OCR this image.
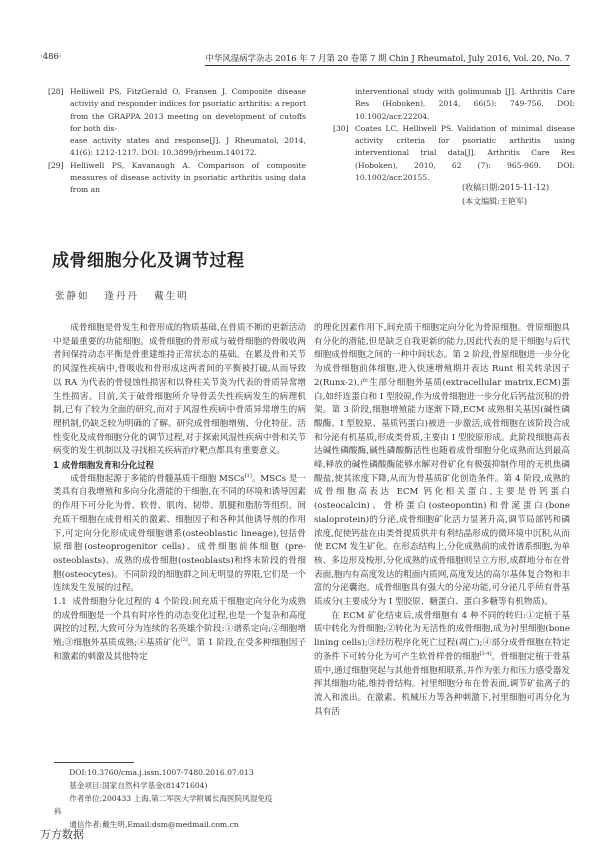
·486·	中华风湿病学杂志 2016 年 7 月第 20 卷第 7 期 Chin J Rheumatol, July 2016, Vol. 20, No. 7
[28] Helliwell PS, FitzGerald O, Fransen J. Composite disease activity and responder indices for psoriatic arthritis: a report from the GRAPPA 2013 meeting on development of cutoffs for both dis-
ease activity states and response[J]. J Rheumatol, 2014, 41(6): 1212-1217. DOI: 10.3899/jrheum.140172.
[29] Helliwell PS, Kavanaugh A. Comparison of composite measures of disease activity in psoriatic arthritis using data from an
interventional study with golimumab [J]. Arthritis Care Res (Hoboken), 2014, 66(5): 749-756. DOI: 10.1002/acr.22204.
[30] Coates LC, Helliwell PS. Validation of minimal disease activity criteria for psoriatic arthritis using interventional trial data[J]. Arthritis Care Res (Hoboken), 2010, 62 (7): 965-969. DOI: 10.1002/acr.20155.
(收稿日期:2015-11-12)
(本文编辑:王艳军)
成骨细胞分化及调节过程
张静如 逢丹丹 戴生明

成骨细胞是骨发生和骨形成的物质基础,在骨质不断的更新活动中是最重要的功能细胞。成骨细胞的骨形成与破骨细胞的骨吸收两者间保持动态平衡是骨重建维持正常状态的基础。在累及骨和关节的风湿性疾病中,骨吸收和骨形成这两者间的平衡被打破,从而导致以 RA 为代表的骨侵蚀性损害和以脊柱关节炎为代表的骨质异常增生性损害。目前,关于破骨细胞所介导骨丢失性疾病发生的病理机制,已有了较为全面的研究,而对于风湿性疾病中骨质异常增生的病理机制,仍缺乏较为明确的了解。研究成骨细胞增殖、分化特征、活性变化及成骨细胞分化的调节过程,对于探索风湿性疾病中骨和关节病变的发生机制以及寻找相关疾病治疗靶点都具有重要意义。

1 成骨细胞发育和分化过程

成骨细胞起源于多能的骨髓基质干细胞 MSCs[1]。MSCs 是一类具有自我增殖和多向分化潜能的干细胞,在不同的环境和诱导因素的作用下可分化为骨、软骨、肌肉、韧带、肌腱和脂肪等组织。间充质干细胞在成骨相关的激素、细胞因子和各种其他诱导剂的作用下,可定向分化形成成骨细胞谱系(osteoblastic lineage),包括骨原细胞(osteoprogenitor cells)、成骨细胞前体细胞 (pre-osteoblasts)、成熟的成骨细胞(osteoblasts)和终末阶段的骨细胞(osteocytes)。不同阶段的细胞群之间无明显的界限,它们是一个连续发生发展的过程。

1.1 成骨细胞分化过程的 4 个阶段:间充质干细胞定向分化为成熟的成骨细胞是一个具有时序性的动态变化过程,也是一个复杂和高度调控的过程,大致可分为连续的名英雄个阶段:①谱系定向;②细胞增殖;③细胞外基质成熟;④基质矿化[2]。第 1 阶段,在受多种细胞因子和激素的刺激及其他特定

的理化因素作用下,间充质干细胞定向分化为骨原细胞。骨原细胞具有分化的潜能,但是缺乏自我更新的能力,因此代表的是干细胞与后代细胞成骨细胞之间的一种中间状态。第 2 阶段,骨原细胞进一步分化为成骨细胞前体细胞,进入快速增殖期并表达 Runt 相关转录因子 2(Runx-2),产生部分细胞外基质(extracellular matrix,ECM)蛋白,如纤连蛋白和 Ⅰ 型胶原,作为成骨细胞进一步分化后钙盐沉积的骨架。第 3 阶段,细胞增殖能力逐渐下降,ECM 成熟相关基因(碱性磷酸酶、Ⅰ 型胶原、基质钙蛋白)被进一步激活,成骨细胞在该阶段合成和分泌有机基质,形成类骨质,主要由 Ⅰ 型胶原形成。此阶段细胞高表达碱性磷酸酶,碱性磷酸酶活性也随着成骨细胞分化成熟而达到最高峰,释放的碱性磷酸酶能够水解对骨矿化有极强抑制作用的无机焦磷酸盐,使其浓度下降,从而为骨基质矿化创造条件。第 4 阶段,成熟的成骨细胞高表达 ECM 钙化相关蛋白,主要是骨钙蛋白(osteocalcin)、骨桥蛋白(osteopontin)和骨涎蛋白(bone sialoprotein)的分泌,成骨细胞矿化活力显著升高,调节局部钙和磷浓度,促使钙盐在由类骨提质供并有利结晶形成的微环境中沉积,从而使 ECM 发生矿化。在形态结构上,分化成熟前的成骨谱系细胞,为单核、多边形及梭形,分化成熟的成骨细胞则呈立方形,成群地分布在骨表面,胞内有高度发达的粗面内质网,高度发达的高尔基体复合物和丰富的分泌囊泡。成骨细胞具有强大的分泌功能,可分泌几乎所有骨基质成分(主要成分为 Ⅰ 型胶原、糖蛋白、蛋白多糖等有机物质)。

在 ECM 矿化结束后,成骨细胞有 4 种不同的转归:①定植于基质中转化为骨细胞;②转化为无活性的成骨细胞,成为衬里细胞(bone lining cells);③经历程序化死亡过程(凋亡);④部分成骨细胞在特定的条件下可转分化为可产生软骨样骨的细胞[3-4]。骨细胞定植于骨基质中,通过细胞突起与其他骨细胞相联系,并作为张力和压力感受器发挥其细胞功能,维持骨结构。衬里细胞分布在骨表面,调节矿盐离子的流入和流出。在激素、机械压力等各种刺激下,衬里细胞可再分化为具有活

DOI:10.3760/cma.j.issn.1007-7480.2016.07.013
基金项目:国家自然科学基金(81471604)
作者单位:200433 上海,第二军医大学附属长海医院风湿免疫
科
通信作者:戴生明,Email:dsm@medmail.com.cn
万方数据
